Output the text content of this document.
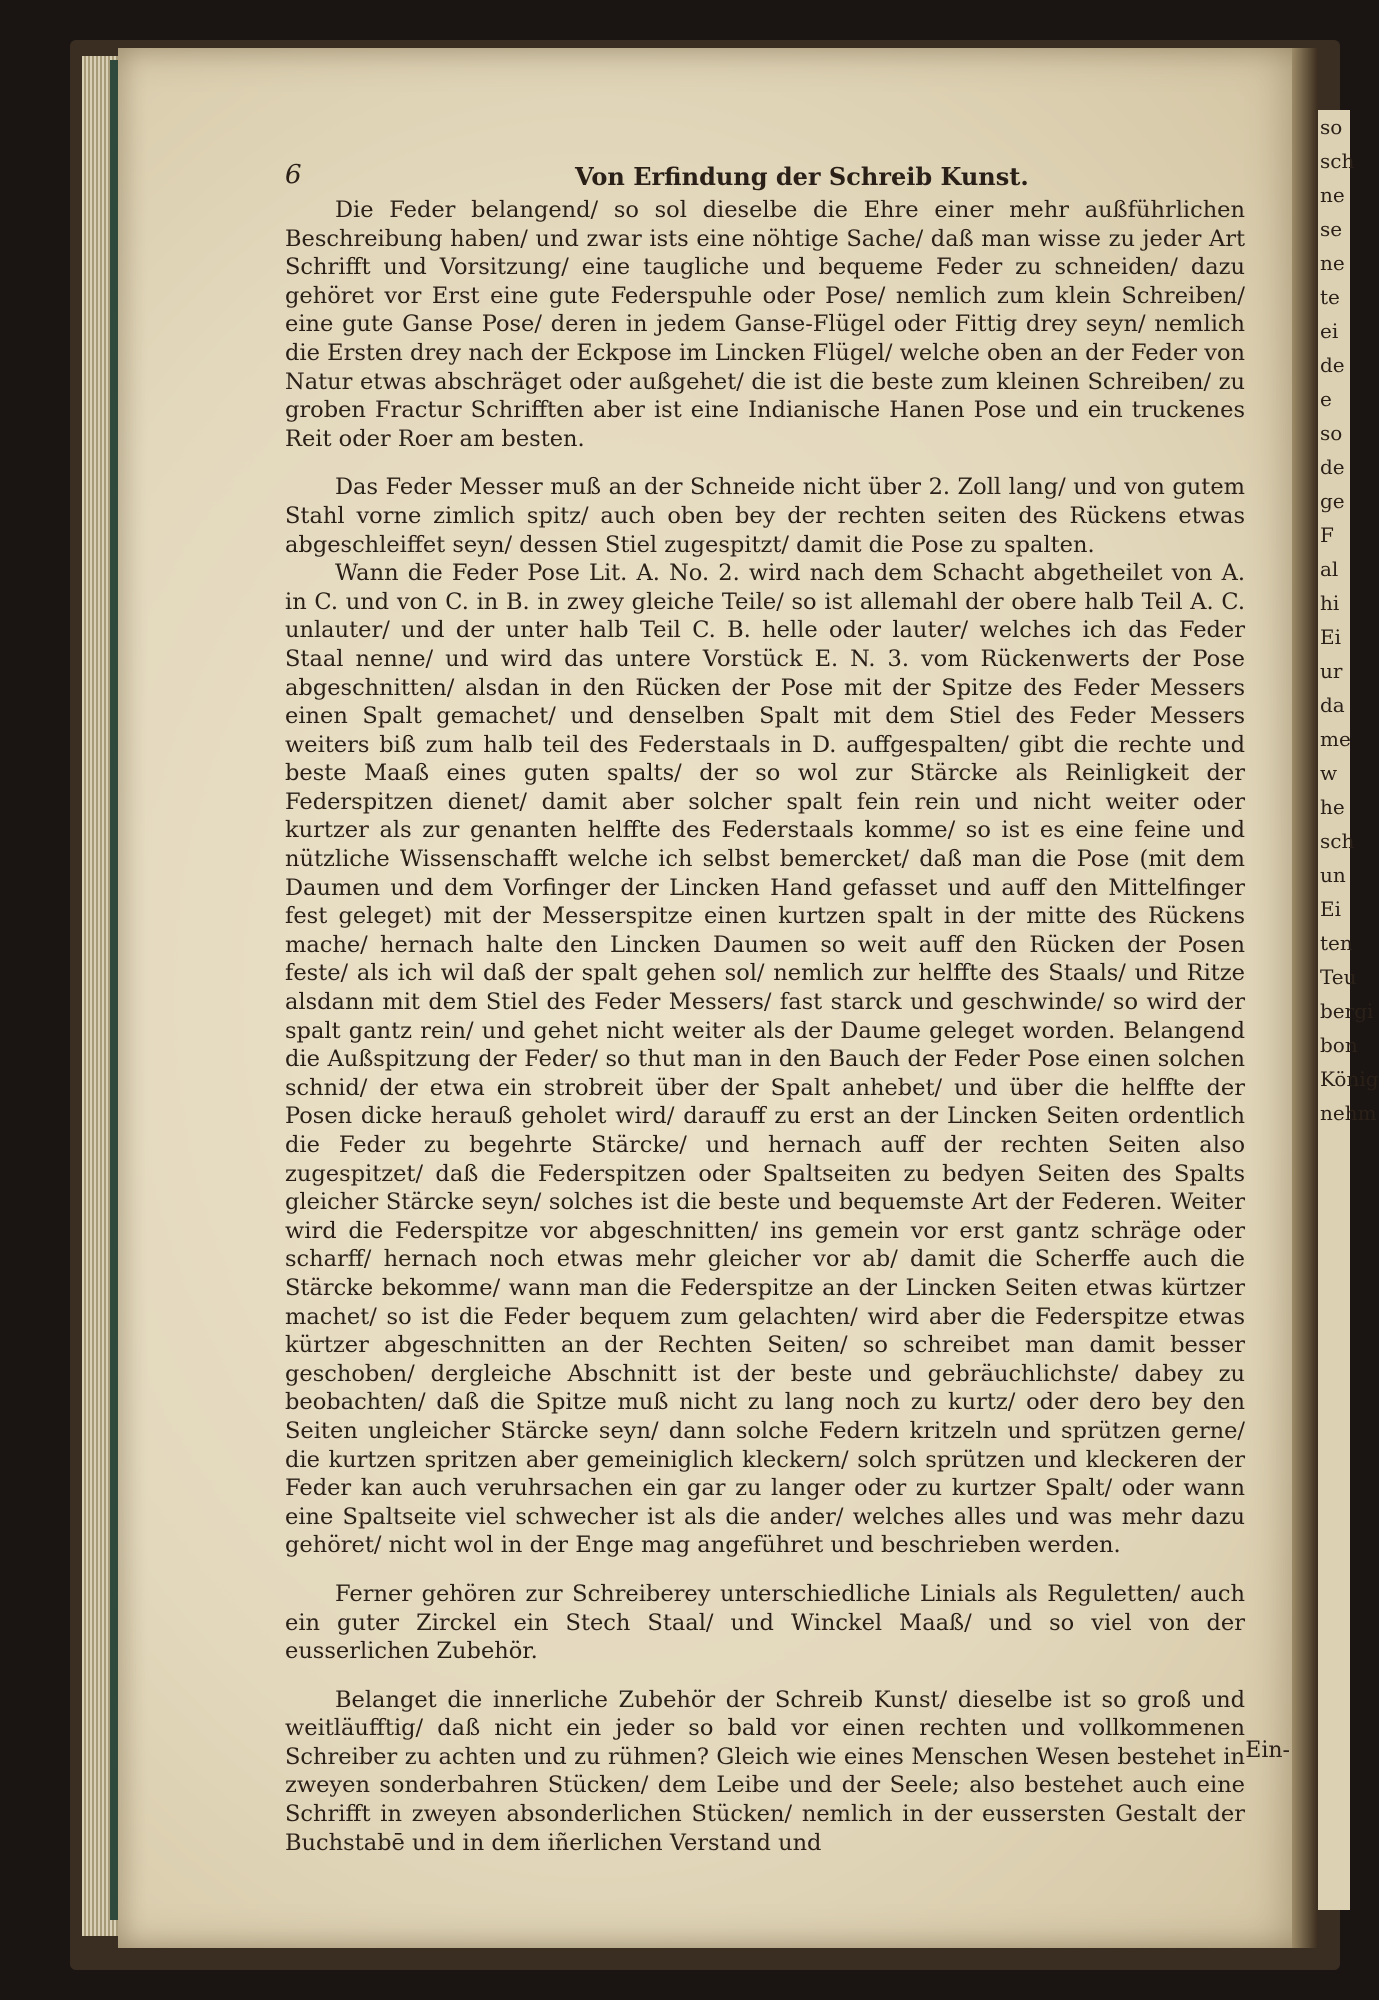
6	Von Erfindung der Schreib Kunst.

Die Feder belangend/ so sol dieselbe die Ehre einer mehr außführlichen Beschreibung haben/ und zwar ists eine nöhtige Sache/ daß man wisse zu jeder Art Schrifft und Vorsitzung/ eine taugliche und bequeme Feder zu schneiden/ dazu gehöret vor Erst eine gute Federspuhle oder Pose/ nemlich zum klein Schreiben/ eine gute Ganse Pose/ deren in jedem Ganse-Flügel oder Fittig drey seyn/ nemlich die Ersten drey nach der Eckpose im Lincken Flügel/ welche oben an der Feder von Natur etwas abschräget oder außgehet/ die ist die beste zum kleinen Schreiben/ zu groben Fractur Schrifften aber ist eine Indianische Hanen Pose und ein truckenes Reit oder Roer am besten.

Das Feder Messer muß an der Schneide nicht über 2. Zoll lang/ und von gutem Stahl vorne zimlich spitz/ auch oben bey der rechten seiten des Rückens etwas abgeschleiffet seyn/ dessen Stiel zugespitzt/ damit die Pose zu spalten.

Wann die Feder Pose Lit. A. No. 2. wird nach dem Schacht abgetheilet von A. in C. und von C. in B. in zwey gleiche Teile/ so ist allemahl der obere halb Teil A. C. unlauter/ und der unter halb Teil C. B. helle oder lauter/ welches ich das Feder Staal nenne/ und wird das untere Vorstück E. N. 3. vom Rückenwerts der Pose abgeschnitten/ alsdan in den Rücken der Pose mit der Spitze des Feder Messers einen Spalt gemachet/ und denselben Spalt mit dem Stiel des Feder Messers weiters biß zum halb teil des Federstaals in D. auffgespalten/ gibt die rechte und beste Maaß eines guten spalts/ der so wol zur Stärcke als Reinligkeit der Federspitzen dienet/ damit aber solcher spalt fein rein und nicht weiter oder kurtzer als zur genanten helffte des Federstaals komme/ so ist es eine feine und nützliche Wissenschafft welche ich selbst bemercket/ daß man die Pose (mit dem Daumen und dem Vorfinger der Lincken Hand gefasset und auff den Mittelfinger fest geleget) mit der Messerspitze einen kurtzen spalt in der mitte des Rückens mache/ hernach halte den Lincken Daumen so weit auff den Rücken der Posen feste/ als ich wil daß der spalt gehen sol/ nemlich zur helffte des Staals/ und Ritze alsdann mit dem Stiel des Feder Messers/ fast starck und geschwinde/ so wird der spalt gantz rein/ und gehet nicht weiter als der Daume geleget worden. Belangend die Außspitzung der Feder/ so thut man in den Bauch der Feder Pose einen solchen schnid/ der etwa ein strobreit über der Spalt anhebet/ und über die helffte der Posen dicke herauß geholet wird/ darauff zu erst an der Lincken Seiten ordentlich die Feder zu begehrte Stärcke/ und hernach auff der rechten Seiten also zugespitzet/ daß die Federspitzen oder Spaltseiten zu bedyen Seiten des Spalts gleicher Stärcke seyn/ solches ist die beste und bequemste Art der Federen. Weiter wird die Federspitze vor abgeschnitten/ ins gemein vor erst gantz schräge oder scharff/ hernach noch etwas mehr gleicher vor ab/ damit die Scherffe auch die Stärcke bekomme/ wann man die Federspitze an der Lincken Seiten etwas kürtzer machet/ so ist die Feder bequem zum gelachten/ wird aber die Federspitze etwas kürtzer abgeschnitten an der Rechten Seiten/ so schreibet man damit besser geschoben/ dergleiche Abschnitt ist der beste und gebräuchlichste/ dabey zu beobachten/ daß die Spitze muß nicht zu lang noch zu kurtz/ oder dero bey den Seiten ungleicher Stärcke seyn/ dann solche Federn kritzeln und sprützen gerne/ die kurtzen spritzen aber gemeiniglich kleckern/ solch sprützen und kleckeren der Feder kan auch veruhrsachen ein gar zu langer oder zu kurtzer Spalt/ oder wann eine Spaltseite viel schwecher ist als die ander/ welches alles und was mehr dazu gehöret/ nicht wol in der Enge mag angeführet und beschrieben werden.

Ferner gehören zur Schreiberey unterschiedliche Linials als Reguletten/ auch ein guter Zirckel ein Stech Staal/ und Winckel Maaß/ und so viel von der eusserlichen Zubehör.

Belanget die innerliche Zubehör der Schreib Kunst/ dieselbe ist so groß und weitläufftig/ daß nicht ein jeder so bald vor einen rechten und vollkommenen Schreiber zu achten und zu rühmen? Gleich wie eines Menschen Wesen bestehet in zweyen sonderbahren Stücken/ dem Leibe und der Seele; also bestehet auch eine Schrifft in zweyen absonderlichen Stücken/ nemlich in der eussersten Gestalt der Buchstabē und in dem iñerlichen Verstand und

Ein-
so
sch
ne
se
ne
te
ei
de
e
so
de
ge
F
al
hi
Ei
ur
da
me
w
he
sch
un
Ei
ten
Teu
bergi
bon
König
nehm
